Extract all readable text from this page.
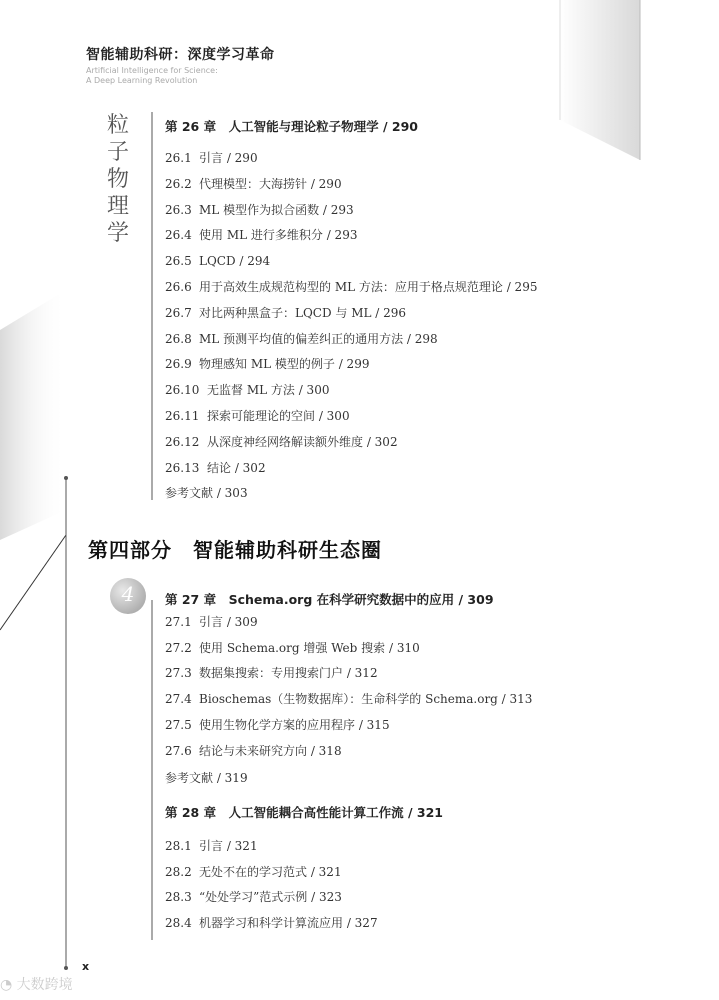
智能辅助科研：深度学习革命
Artificial Intelligence for Science:
A Deep Learning Revolution
粒
子
物
理
学
第 26 章　人工智能与理论粒子物理学 / 290
26.1 引言 / 290
26.2 代理模型：大海捞针 / 290
26.3 ML 模型作为拟合函数 / 293
26.4 使用 ML 进行多维积分 / 293
26.5 LQCD / 294
26.6 用于高效生成规范构型的 ML 方法：应用于格点规范理论 / 295
26.7 对比两种黑盒子：LQCD 与 ML / 296
26.8 ML 预测平均值的偏差纠正的通用方法 / 298
26.9 物理感知 ML 模型的例子 / 299
26.10 无监督 ML 方法 / 300
26.11 探索可能理论的空间 / 300
26.12 从深度神经网络解读额外维度 / 302
26.13 结论 / 302
参考文献 / 303
第四部分　智能辅助科研生态圈
4	第 27 章　Schema.org 在科学研究数据中的应用 / 309
27.1 引言 / 309
27.2 使用 Schema.org 增强 Web 搜索 / 310
27.3 数据集搜索：专用搜索门户 / 312
27.4 Bioschemas（生物数据库）：生命科学的 Schema.org / 313
27.5 使用生物化学方案的应用程序 / 315
27.6 结论与未来研究方向 / 318
参考文献 / 319
第 28 章　人工智能耦合高性能计算工作流 / 321
28.1 引言 / 321
28.2 无处不在的学习范式 / 321
28.3 “处处学习”范式示例 / 323
28.4 机器学习和科学计算流应用 / 327
x
◔ 大数跨境
